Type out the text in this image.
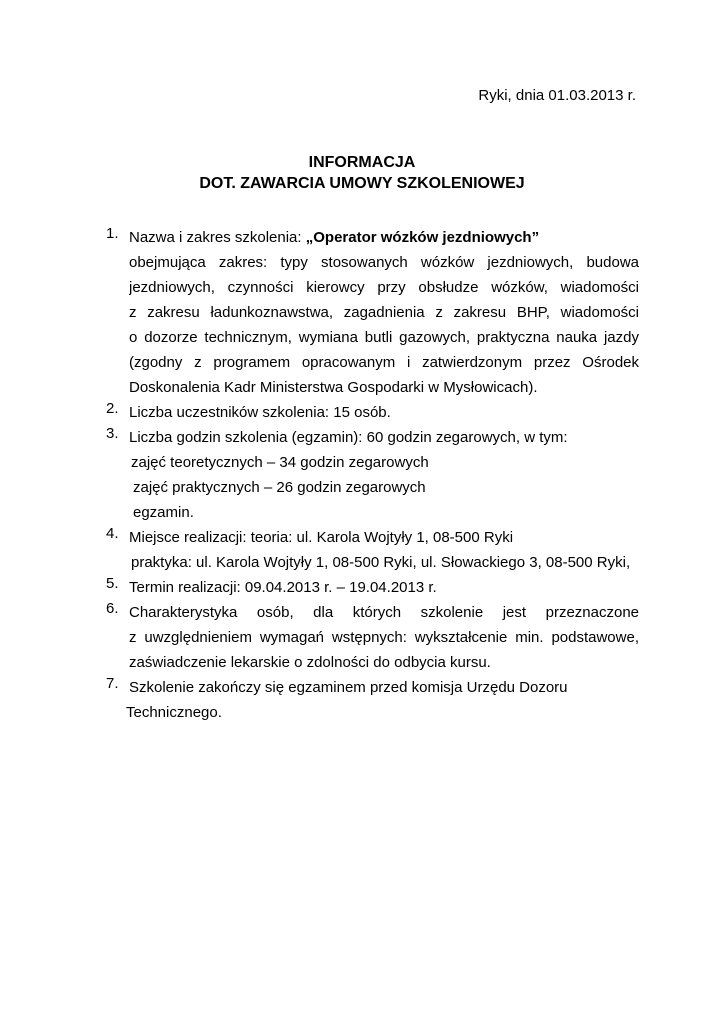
Ryki, dnia 01.03.2013 r.
INFORMACJA
DOT. ZAWARCIA UMOWY SZKOLENIOWEJ
1. Nazwa i zakres szkolenia: „Operator wózków jezdniowych”
obejmująca zakres: typy stosowanych wózków jezdniowych, budowa
jezdniowych, czynności kierowcy przy obsłudze wózków, wiadomości
z zakresu ładunkoznawstwa, zagadnienia z zakresu BHP, wiadomości
o dozorze technicznym, wymiana butli gazowych, praktyczna nauka jazdy
(zgodny z programem opracowanym i zatwierdzonym przez Ośrodek
Doskonalenia Kadr Ministerstwa Gospodarki w Mysłowicach).
2. Liczba uczestników szkolenia: 15 osób.
3. Liczba godzin szkolenia (egzamin): 60 godzin zegarowych, w tym:
zajęć teoretycznych – 34 godzin zegarowych
zajęć praktycznych – 26 godzin zegarowych
egzamin.
4. Miejsce realizacji: teoria: ul. Karola Wojtyły 1, 08-500 Ryki
praktyka: ul. Karola Wojtyły 1, 08-500 Ryki, ul. Słowackiego 3, 08-500 Ryki,
5. Termin realizacji: 09.04.2013 r. – 19.04.2013 r.
6. Charakterystyka osób, dla których szkolenie jest przeznaczone
z uwzględnieniem wymagań wstępnych: wykształcenie min. podstawowe,
zaświadczenie lekarskie o zdolności do odbycia kursu.
7. Szkolenie zakończy się egzaminem przed komisja Urzędu Dozoru
Technicznego.
